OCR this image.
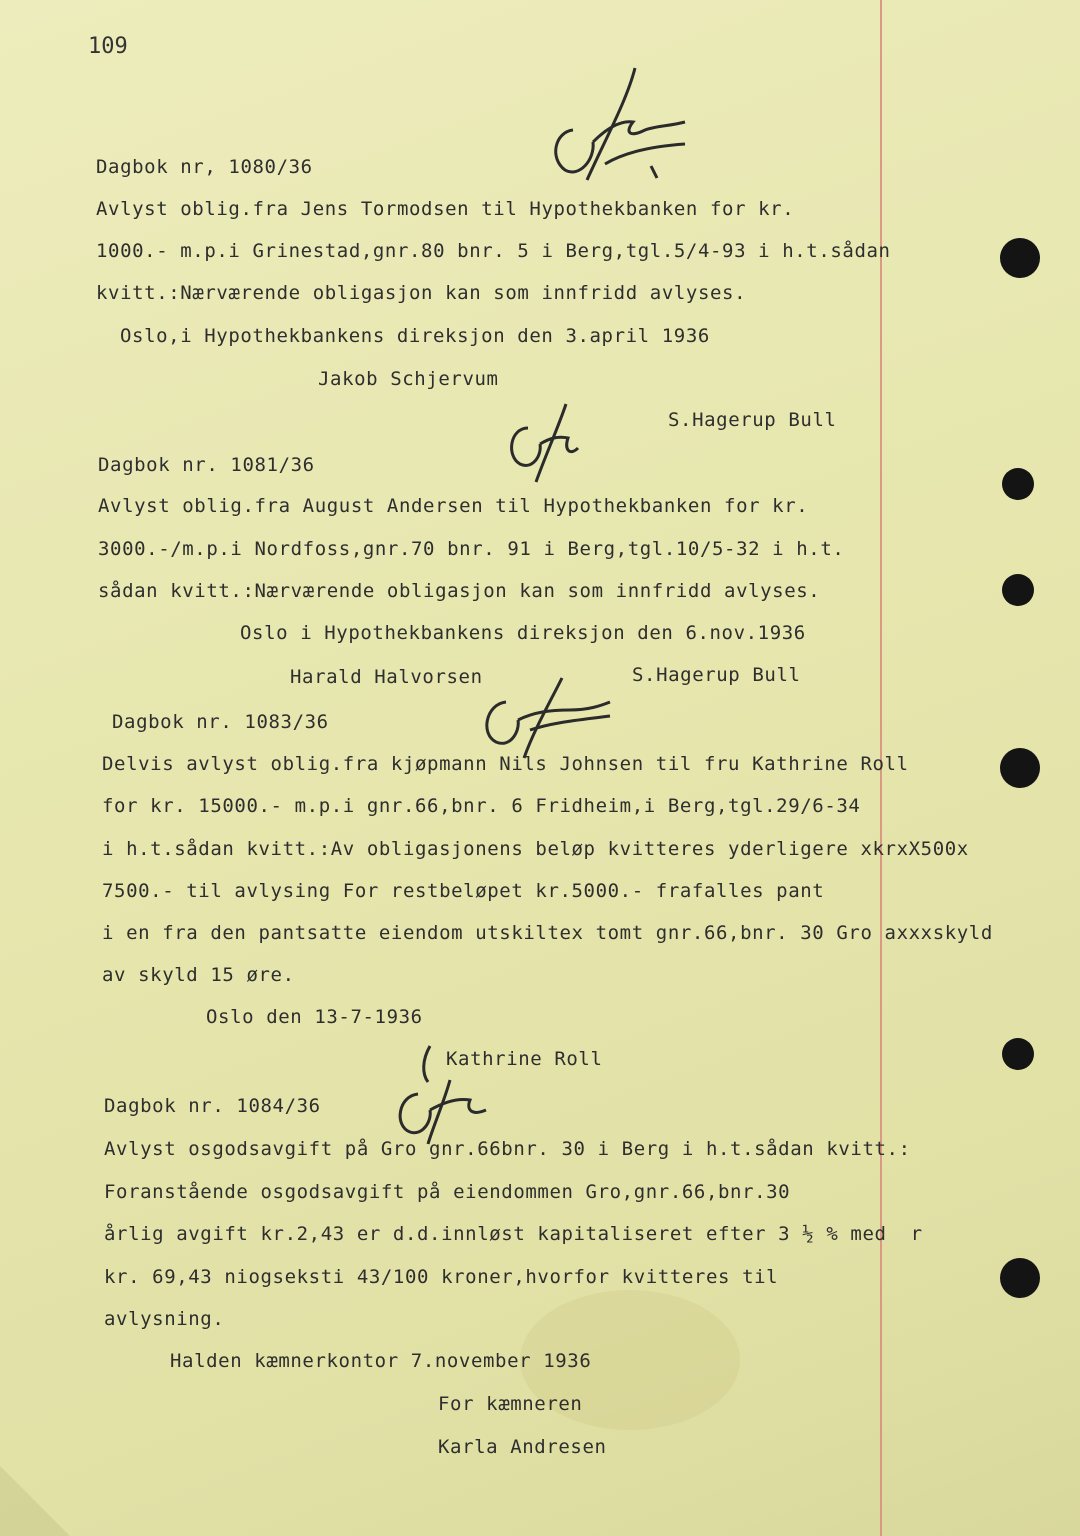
109
Dagbok nr, 1080/36
Avlyst oblig.fra Jens Tormodsen til Hypothekbanken for kr.
1000.- m.p.i Grinestad,gnr.80 bnr. 5 i Berg,tgl.5/4-93 i h.t.sådan
kvitt.:Nærværende obligasjon kan som innfridd avlyses.
Oslo,i Hypothekbankens direksjon den 3.april 1936
Jakob Schjervum
S.Hagerup Bull
Dagbok nr. 1081/36
Avlyst oblig.fra August Andersen til Hypothekbanken for kr.
3000.-/m.p.i Nordfoss,gnr.70 bnr. 91 i Berg,tgl.10/5-32 i h.t.
sådan kvitt.:Nærværende obligasjon kan som innfridd avlyses.
Oslo i Hypothekbankens direksjon den 6.nov.1936
Harald Halvorsen	S.Hagerup Bull
Dagbok nr. 1083/36
Delvis avlyst oblig.fra kjøpmann Nils Johnsen til fru Kathrine Roll
for kr. 15000.- m.p.i gnr.66,bnr. 6 Fridheim,i Berg,tgl.29/6-34
i h.t.sådan kvitt.:Av obligasjonens beløp kvitteres yderligere xkrxX500x
7500.- til avlysing For restbeløpet kr.5000.- frafalles pant
i en fra den pantsatte eiendom utskiltex tomt gnr.66,bnr. 30 Gro axxxskyld
av skyld 15 øre.
Oslo den 13-7-1936
Kathrine Roll
Dagbok nr. 1084/36
Avlyst osgodsavgift på Gro gnr.66bnr. 30 i Berg i h.t.sådan kvitt.:
Foranstående osgodsavgift på eiendommen Gro,gnr.66,bnr.30
årlig avgift kr.2,43 er d.d.innløst kapitaliseret efter 3 ½ % med  r
kr. 69,43 niogseksti 43/100 kroner,hvorfor kvitteres til
avlysning.
Halden kæmnerkontor 7.november 1936
For kæmneren
Karla Andresen
